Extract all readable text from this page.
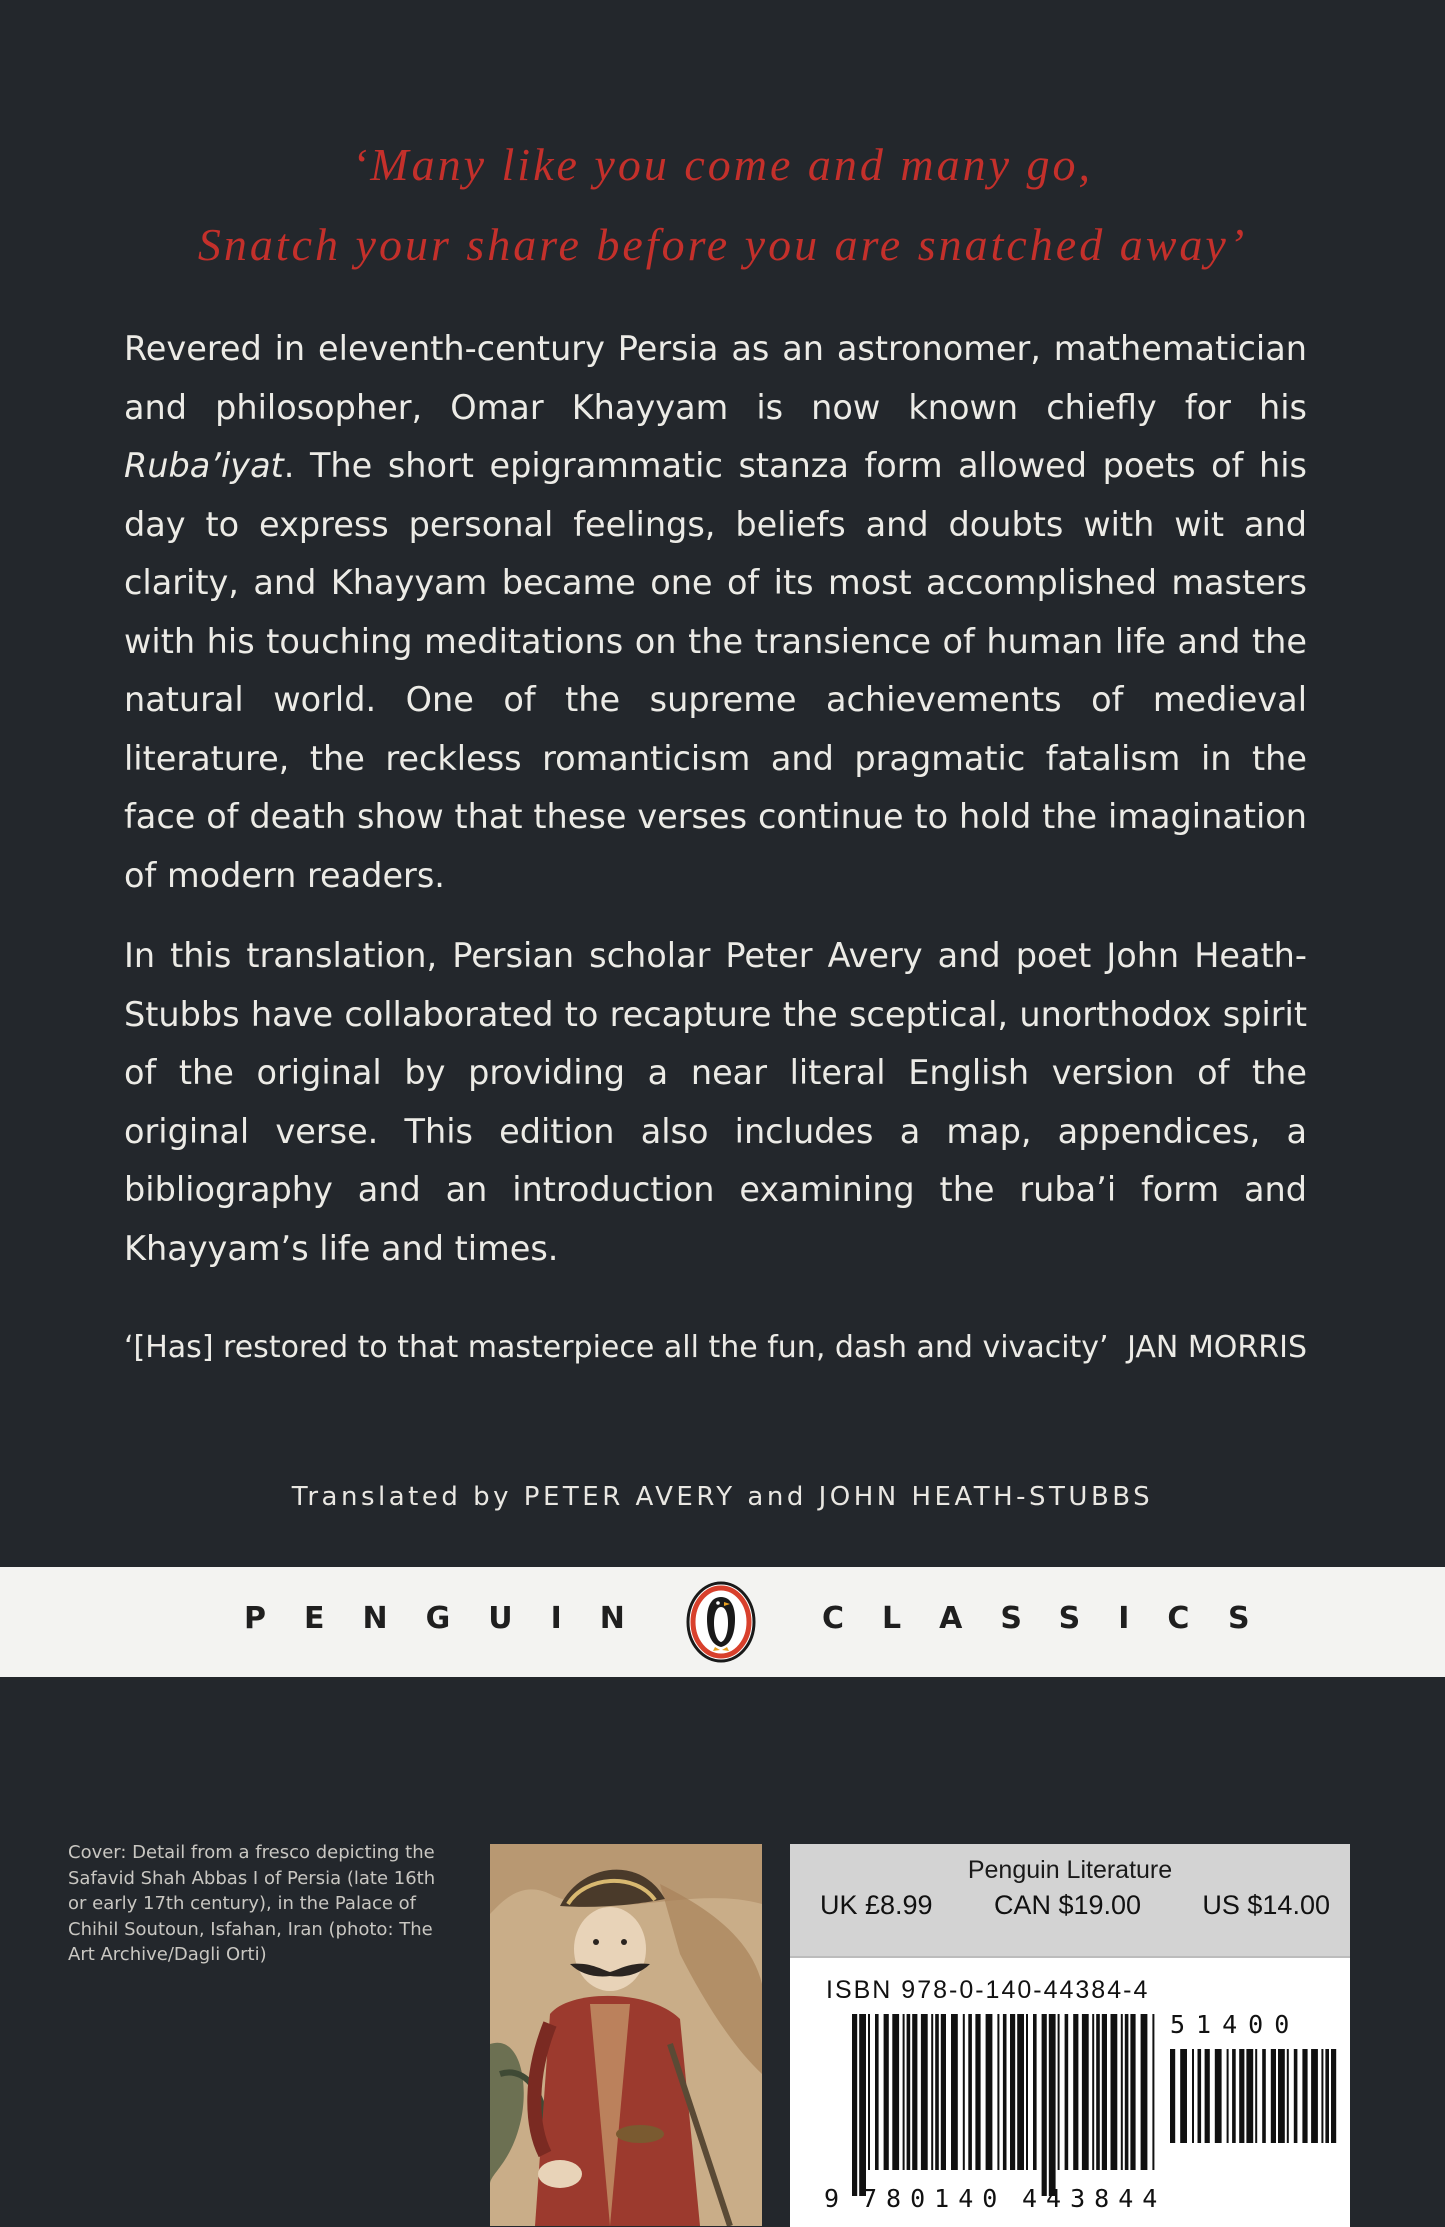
‘Many like you come and many go,
Snatch your share before you are snatched away’

Revered in eleventh-century Persia as an astronomer, mathematician and philosopher, Omar Khayyam is now known chiefly for his Ruba’iyat. The short epigrammatic stanza form allowed poets of his day to express personal feelings, beliefs and doubts with wit and clarity, and Khayyam became one of its most accomplished masters with his touching meditations on the transience of human life and the natural world. One of the supreme achievements of medieval literature, the reckless romanticism and pragmatic fatalism in the face of death show that these verses continue to hold the imagination of modern readers.

In this translation, Persian scholar Peter Avery and poet John Heath-Stubbs have collaborated to recapture the sceptical, unorthodox spirit of the original by providing a near literal English version of the original verse. This edition also includes a map, appendices, a bibliography and an introduction examining the ruba’i form and Khayyam’s life and times.

‘[Has] restored to that masterpiece all the fun, dash and vivacity’ JAN MORRIS
Translated by PETER AVERY and JOHN HEATH-STUBBS
PENGUIN	CLASSICS
Cover: Detail from a fresco depicting the Safavid Shah Abbas I of Persia (late 16th or early 17th century), in the Palace of Chihil Soutoun, Isfahan, Iran (photo: The Art Archive/Dagli Orti)
Penguin Literature
UK £8.99 CAN $19.00 US $14.00
ISBN 978-0-140-44384-4
9 780140 443844
51400
